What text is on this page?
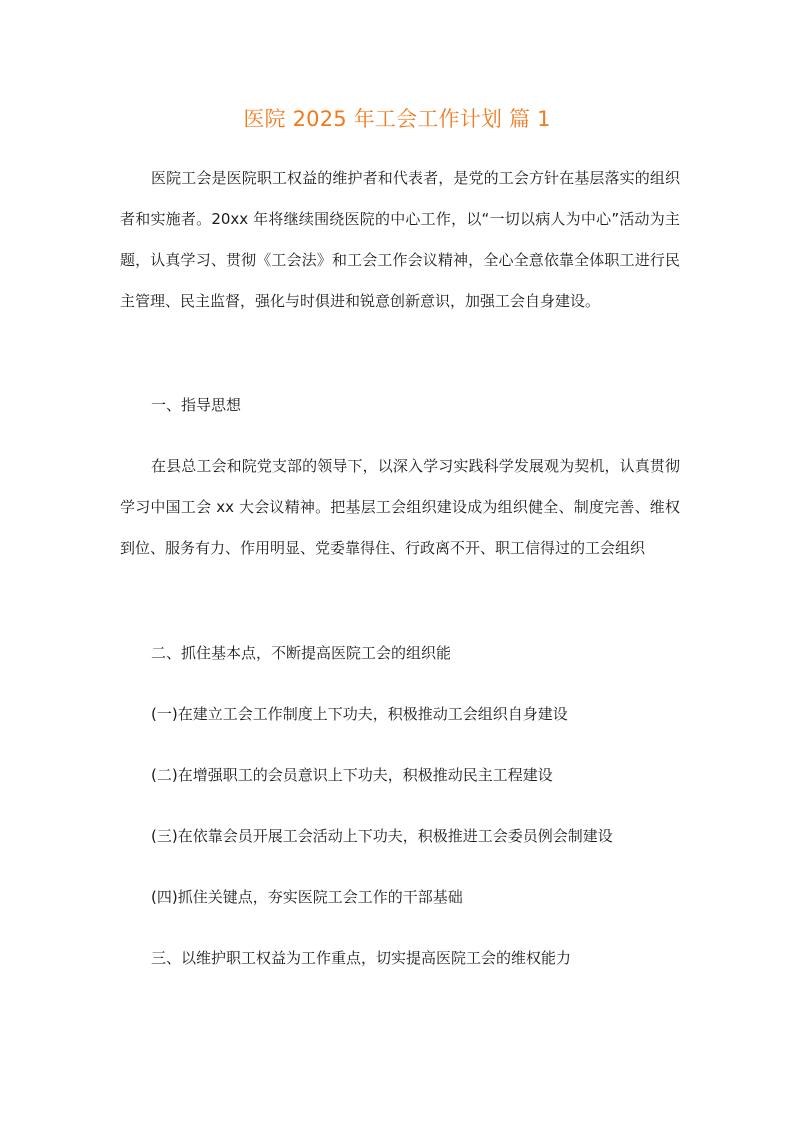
医院 2025 年工会工作计划 篇 1

医院工会是医院职工权益的维护者和代表者，是党的工会方针在基层落实的组织者和实施者。20xx 年将继续围绕医院的中心工作，以“一切以病人为中心”活动为主题，认真学习、贯彻《工会法》和工会工作会议精神，全心全意依靠全体职工进行民主管理、民主监督，强化与时俱进和锐意创新意识，加强工会自身建设。

一、指导思想

在县总工会和院党支部的领导下，以深入学习实践科学发展观为契机，认真贯彻学习中国工会 xx 大会议精神。把基层工会组织建设成为组织健全、制度完善、维权到位、服务有力、作用明显、党委靠得住、行政离不开、职工信得过的工会组织

二、抓住基本点，不断提高医院工会的组织能

(一)在建立工会工作制度上下功夫，积极推动工会组织自身建设

(二)在增强职工的会员意识上下功夫，积极推动民主工程建设

(三)在依靠会员开展工会活动上下功夫，积极推进工会委员例会制建设

(四)抓住关键点，夯实医院工会工作的干部基础

三、以维护职工权益为工作重点，切实提高医院工会的维权能力
